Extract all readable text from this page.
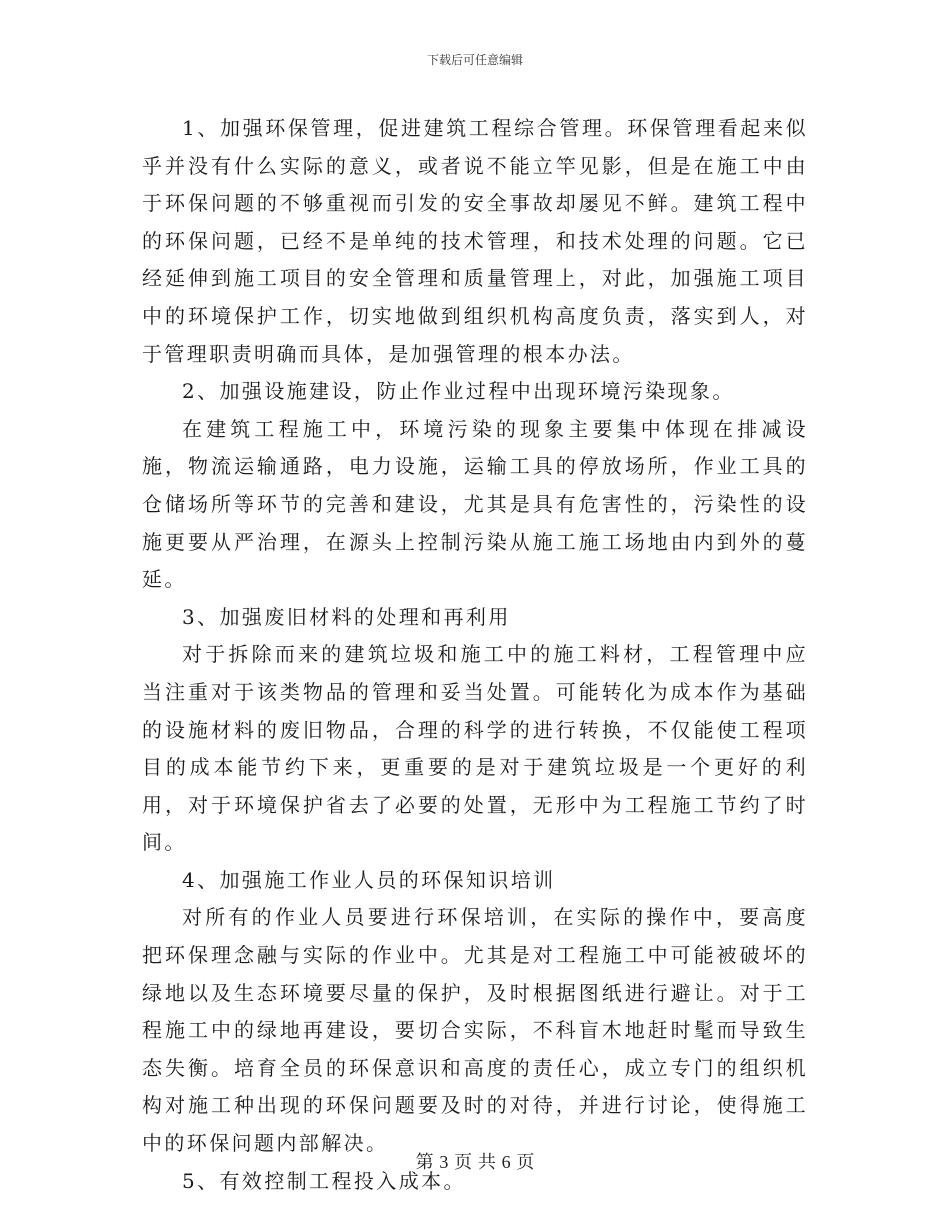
下载后可任意编辑

1、加强环保管理，促进建筑工程综合管理。环保管理看起来似乎并没有什么实际的意义，或者说不能立竿见影，但是在施工中由于环保问题的不够重视而引发的安全事故却屡见不鲜。建筑工程中的环保问题，已经不是单纯的技术管理，和技术处理的问题。它已经延伸到施工项目的安全管理和质量管理上，对此，加强施工项目中的环境保护工作，切实地做到组织机构高度负责，落实到人，对于管理职责明确而具体，是加强管理的根本办法。

2、加强设施建设，防止作业过程中出现环境污染现象。

在建筑工程施工中，环境污染的现象主要集中体现在排减设施，物流运输通路，电力设施，运输工具的停放场所，作业工具的仓储场所等环节的完善和建设，尤其是具有危害性的，污染性的设施更要从严治理，在源头上控制污染从施工施工场地由内到外的蔓延。

3、加强废旧材料的处理和再利用

对于拆除而来的建筑垃圾和施工中的施工料材，工程管理中应当注重对于该类物品的管理和妥当处置。可能转化为成本作为基础的设施材料的废旧物品，合理的科学的进行转换，不仅能使工程项目的成本能节约下来，更重要的是对于建筑垃圾是一个更好的利用，对于环境保护省去了必要的处置，无形中为工程施工节约了时间。

4、加强施工作业人员的环保知识培训

对所有的作业人员要进行环保培训，在实际的操作中，要高度把环保理念融与实际的作业中。尤其是对工程施工中可能被破坏的绿地以及生态环境要尽量的保护，及时根据图纸进行避让。对于工程施工中的绿地再建设，要切合实际，不科盲木地赶时髦而导致生态失衡。培育全员的环保意识和高度的责任心，成立专门的组织机构对施工种出现的环保问题要及时的对待，并进行讨论，使得施工中的环保问题内部解决。

5、有效控制工程投入成本。

第 3 页 共 6 页
